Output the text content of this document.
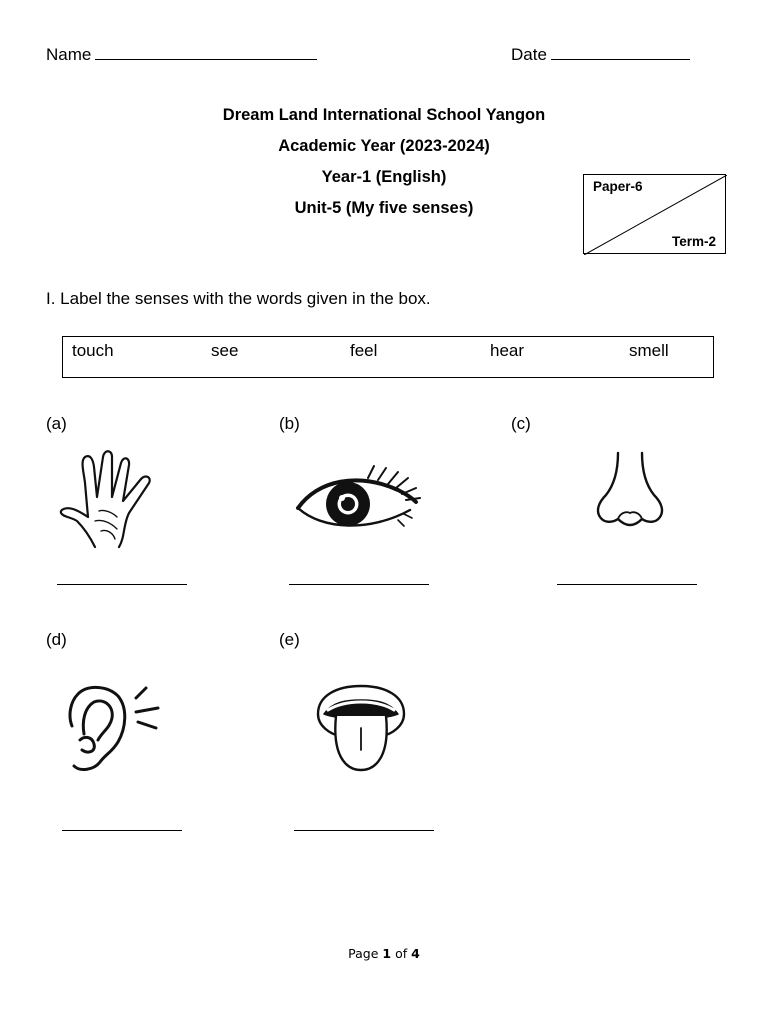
Name	Date
Dream Land International School Yangon
Academic Year (2023-2024)
Year-1 (English)
Unit-5 (My five senses)
Paper-6
Term-2
I. Label the senses with the words given in the box.
touch	see	feel	hear	smell
(a)	(b)	(c)
(d)	(e)
Page 1 of 4
